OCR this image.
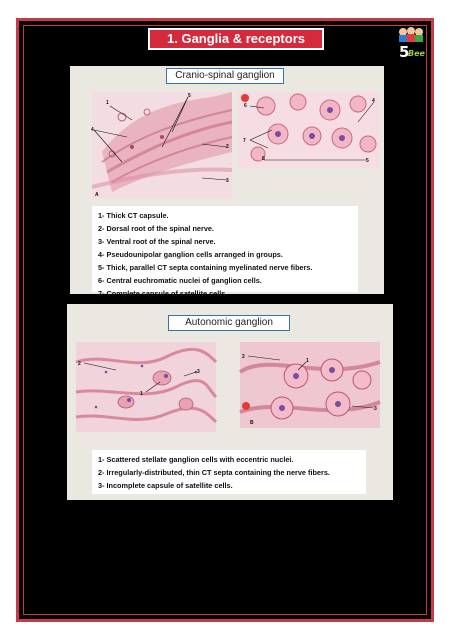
1. Ganglia & receptors
5
Bee
Cranio-spinal ganglion
A
1
5
4
2
3
6
4
7
8	5
1- Thick CT capsule.
2- Dorsal root of the spinal nerve.
3- Ventral root of the spinal nerve.
4- Pseudounipolar ganglion cells arranged in groups.
5- Thick, parallel CT septa containing myelinated nerve fibers.
6- Central euchromatic nuclei of ganglion cells.
7- Complete capsule of satellite cells.
Autonomic ganglion
2
1
3
2
1
3
B
1- Scattered stellate ganglion cells with eccentric nuclei.
2- Irregularly-distributed, thin CT septa containing the nerve fibers.
3- Incomplete capsule of satellite cells.
